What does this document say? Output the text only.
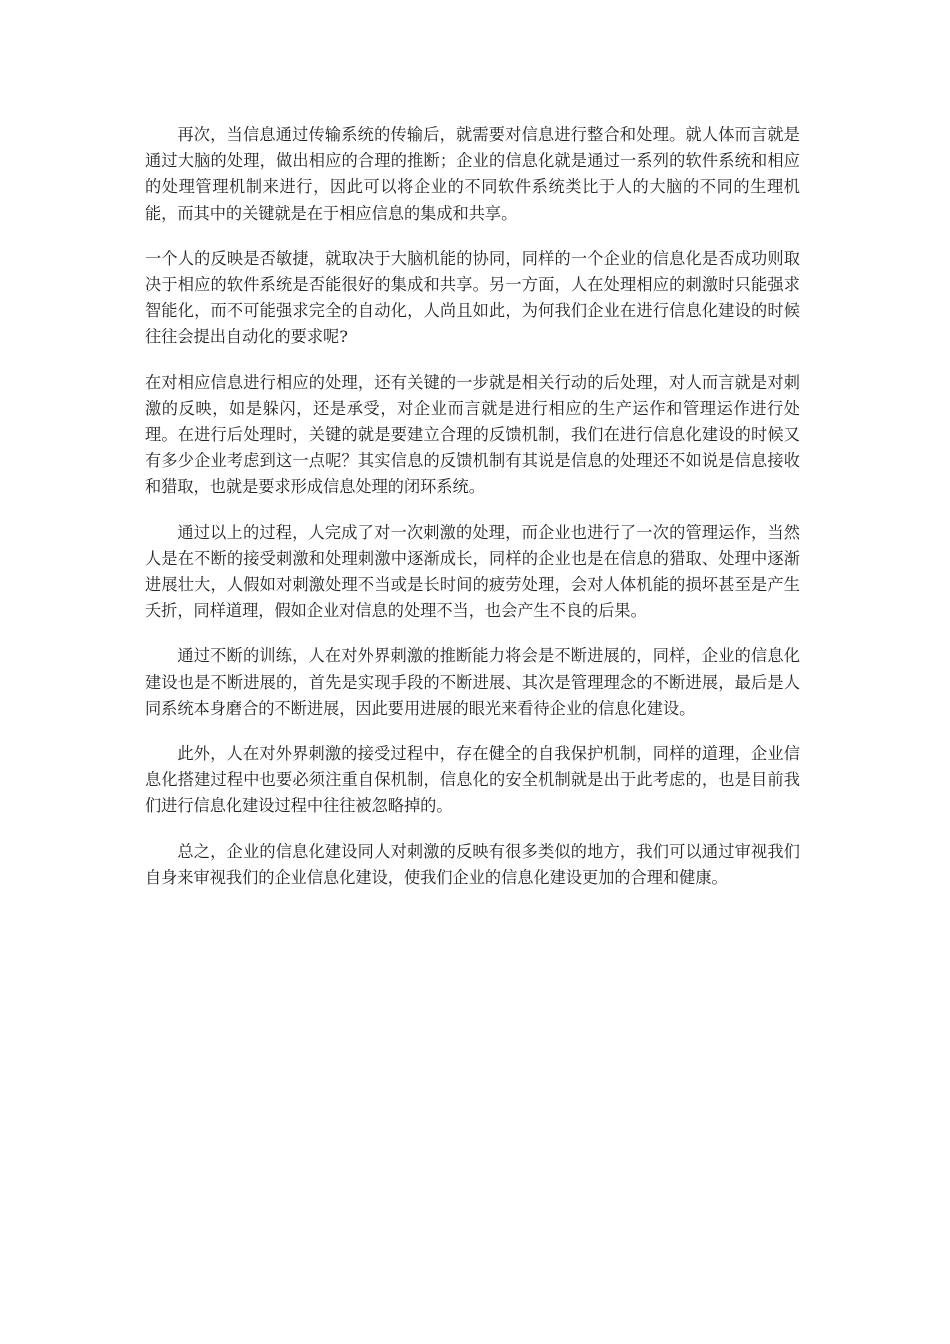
再次，当信息通过传输系统的传输后，就需要对信息进行整合和处理。就人体而言就是通过大脑的处理，做出相应的合理的推断；企业的信息化就是通过一系列的软件系统和相应的处理管理机制来进行，因此可以将企业的不同软件系统类比于人的大脑的不同的生理机能，而其中的关键就是在于相应信息的集成和共享。

一个人的反映是否敏捷，就取决于大脑机能的协同，同样的一个企业的信息化是否成功则取决于相应的软件系统是否能很好的集成和共享。另一方面，人在处理相应的刺激时只能强求智能化，而不可能强求完全的自动化，人尚且如此，为何我们企业在进行信息化建设的时候往往会提出自动化的要求呢?

在对相应信息进行相应的处理，还有关键的一步就是相关行动的后处理，对人而言就是对刺激的反映，如是躲闪，还是承受，对企业而言就是进行相应的生产运作和管理运作进行处理。在进行后处理时，关键的就是要建立合理的反馈机制，我们在进行信息化建设的时候又有多少企业考虑到这一点呢？其实信息的反馈机制有其说是信息的处理还不如说是信息接收和猎取，也就是要求形成信息处理的闭环系统。

通过以上的过程，人完成了对一次刺激的处理，而企业也进行了一次的管理运作，当然人是在不断的接受刺激和处理刺激中逐渐成长，同样的企业也是在信息的猎取、处理中逐渐进展壮大，人假如对刺激处理不当或是长时间的疲劳处理，会对人体机能的损坏甚至是产生夭折，同样道理，假如企业对信息的处理不当，也会产生不良的后果。

通过不断的训练，人在对外界刺激的推断能力将会是不断进展的，同样，企业的信息化建设也是不断进展的，首先是实现手段的不断进展、其次是管理理念的不断进展，最后是人同系统本身磨合的不断进展，因此要用进展的眼光来看待企业的信息化建设。

此外，人在对外界刺激的接受过程中，存在健全的自我保护机制，同样的道理，企业信息化搭建过程中也要必须注重自保机制，信息化的安全机制就是出于此考虑的，也是目前我们进行信息化建设过程中往往被忽略掉的。

总之，企业的信息化建设同人对刺激的反映有很多类似的地方，我们可以通过审视我们自身来审视我们的企业信息化建设，使我们企业的信息化建设更加的合理和健康。
